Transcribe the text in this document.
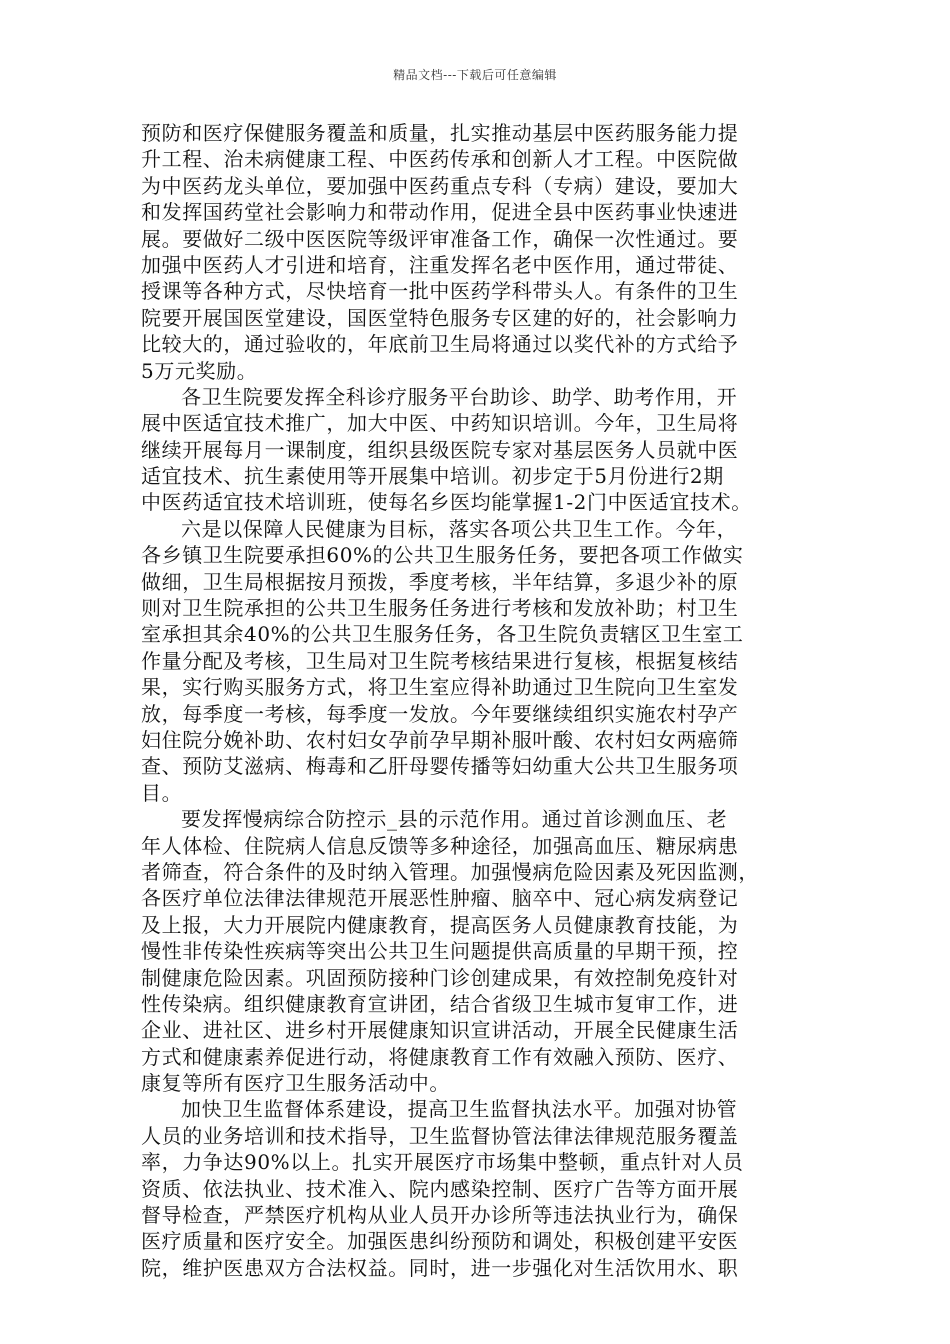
精品文档---下载后可任意编辑
预防和医疗保健服务覆盖和质量，扎实推动基层中医药服务能力提
升工程、治未病健康工程、中医药传承和创新人才工程。中医院做
为中医药龙头单位，要加强中医药重点专科（专病）建设，要加大
和发挥国药堂社会影响力和带动作用，促进全县中医药事业快速进
展。要做好二级中医医院等级评审准备工作，确保一次性通过。要
加强中医药人才引进和培育，注重发挥名老中医作用，通过带徒、
授课等各种方式，尽快培育一批中医药学科带头人。有条件的卫生
院要开展国医堂建设，国医堂特色服务专区建的好的，社会影响力
比较大的，通过验收的，年底前卫生局将通过以奖代补的方式给予
5万元奖励。
各卫生院要发挥全科诊疗服务平台助诊、助学、助考作用，开
展中医适宜技术推广，加大中医、中药知识培训。今年，卫生局将
继续开展每月一课制度，组织县级医院专家对基层医务人员就中医
适宜技术、抗生素使用等开展集中培训。初步定于5月份进行2期
中医药适宜技术培训班，使每名乡医均能掌握1-2门中医适宜技术。
六是以保障人民健康为目标，落实各项公共卫生工作。今年，
各乡镇卫生院要承担60%的公共卫生服务任务，要把各项工作做实
做细，卫生局根据按月预拨，季度考核，半年结算，多退少补的原
则对卫生院承担的公共卫生服务任务进行考核和发放补助；村卫生
室承担其余40%的公共卫生服务任务，各卫生院负责辖区卫生室工
作量分配及考核，卫生局对卫生院考核结果进行复核，根据复核结
果，实行购买服务方式，将卫生室应得补助通过卫生院向卫生室发
放，每季度一考核，每季度一发放。今年要继续组织实施农村孕产
妇住院分娩补助、农村妇女孕前孕早期补服叶酸、农村妇女两癌筛
查、预防艾滋病、梅毒和乙肝母婴传播等妇幼重大公共卫生服务项
目。
要发挥慢病综合防控示_县的示范作用。通过首诊测血压、老
年人体检、住院病人信息反馈等多种途径，加强高血压、糖尿病患
者筛查，符合条件的及时纳入管理。加强慢病危险因素及死因监测，
各医疗单位法律法律规范开展恶性肿瘤、脑卒中、冠心病发病登记
及上报，大力开展院内健康教育，提高医务人员健康教育技能，为
慢性非传染性疾病等突出公共卫生问题提供高质量的早期干预，控
制健康危险因素。巩固预防接种门诊创建成果，有效控制免疫针对
性传染病。组织健康教育宣讲团，结合省级卫生城市复审工作，进
企业、进社区、进乡村开展健康知识宣讲活动，开展全民健康生活
方式和健康素养促进行动，将健康教育工作有效融入预防、医疗、
康复等所有医疗卫生服务活动中。
加快卫生监督体系建设，提高卫生监督执法水平。加强对协管
人员的业务培训和技术指导，卫生监督协管法律法律规范服务覆盖
率，力争达90%以上。扎实开展医疗市场集中整顿，重点针对人员
资质、依法执业、技术准入、院内感染控制、医疗广告等方面开展
督导检查，严禁医疗机构从业人员开办诊所等违法执业行为，确保
医疗质量和医疗安全。加强医患纠纷预防和调处，积极创建平安医
院，维护医患双方合法权益。同时，进一步强化对生活饮用水、职
